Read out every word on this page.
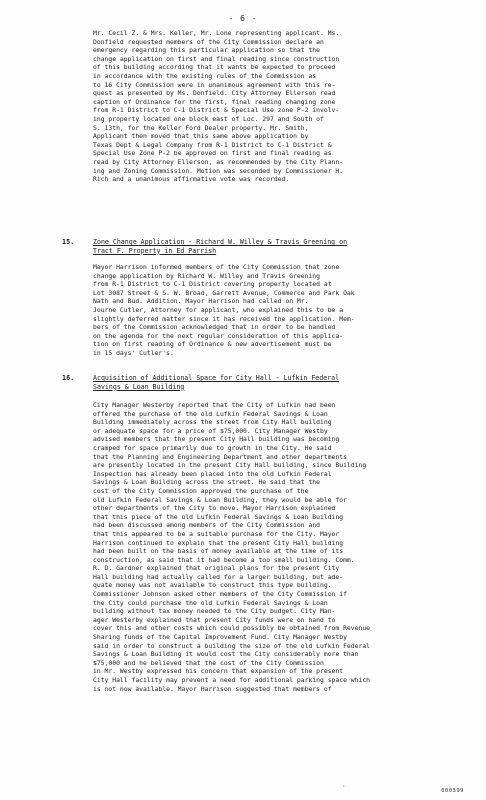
- 6 -
Mr. Cecil Z. & Mrs. Keller, Mr. Lone representing applicant. Ms.
Donfield requested members of the City Commission declare an
emergency regarding this particular application so that the
change application on first and final reading since construction
of this building according that it wants be expected to proceed
in accordance with the existing rules of the Commission as
to 16 City Commission were in unanimous agreement with this re-
quest as presented by Ms. Donfield. City Attorney Ellerson read
caption of Ordinance for the first, final reading changing zone
from R-1 District to C-1 District & Special Use zone P-2 involv-
ing property located one block east of Loc. 297 and South of
S. 13th, for the Keller Ford Dealer property. Mr. Smith,
Applicant then moved that this same above application by
Texas Dept & Legal Company from R-1 District to C-1 District &
Special Use Zone P-2 be approved on first and final reading as
read by City Attorney Ellerson, as recommended by the City Plann-
ing and Zoning Commission. Motion was seconded by Commissioner H.
Rich and a unanimous affirmative vote was recorded.
15.	Zone Change Application - Richard W. Willey & Travis Greening on
Tract F. Property in Ed Parrish
Mayor Harrison informed members of the City Commission that zone
change application by Richard W. Willey and Travis Greening
from R-1 District to C-1 District covering property located at
Lot 3087 Street & S. W. Broad, Garrett Avenue, Commerce and Park Oak
Nath and Bud. Addition. Mayor Harrison had called on Mr.
Journe Cutler, Attorney for applicant, who explained this to be a
slightly deferred matter since it has received the application. Mem-
bers of the Commission acknowledged that in order to be handled
on the agenda for the next regular consideration of this applica-
tion on first reading of Ordinance & new advertisement must be
in 15 days' Cutler's.
16.	Acquisition of Additional Space for City Hall - Lufkin Federal
Savings & Loan Building
City Manager Westerby reported that the City of Lufkin had been
offered the purchase of the old Lufkin Federal Savings & Loan
Building immediately across the street from City Hall building
or adequate space for a price of $75,000. City Manager Westby
advised members that the present City Hall building was becoming
cramped for space primarily due to growth in the City. He said
that the Planning and Engineering Department and other departments
are presently located in the present City Hall building, since Building
Inspection has already been placed into the old Lufkin Federal
Savings & Loan Building across the street. He said that the
cost of the City Commission approved the purchase of the
old Lufkin Federal Savings & Loan Building, they would be able for
other departments of the City to move. Mayor Harrison explained
that this piece of the old Lufkin Federal Savings & Loan Building
had been discussed among members of the City Commission and
that this appeared to be a suitable purchase for the City. Mayor
Harrison continued to explain that the present City Hall building
had been built on the basis of money available at the time of its
construction, as said that it had become a too small building. Comm.
R. D. Gardner explained that original plans for the present City
Hall building had actually called for a larger building, but ade-
quate money was not available to construct this type building.
Commissioner Johnson asked other members of the City Commission if
the City could purchase the old Lufkin Federal Savings & Loan
building without tax money needed to the City budget. City Man-
ager Westerby explained that present City funds were on hand to
cover this and other costs which could possibly be obtained from Revenue
Sharing funds of the Capital Improvement Fund. City Manager Westby
said in order to construct a building the size of the old Lufkin Federal
Savings & Loan Building it would cost the City considerably more than
$75,000 and he believed that the cost of the City Commission
in Mr. Westby expressed his concern that expansion of the present
City Hall facility may prevent a need for additional parking space which
is not now available. Mayor Harrison suggested that members of
·
000399
